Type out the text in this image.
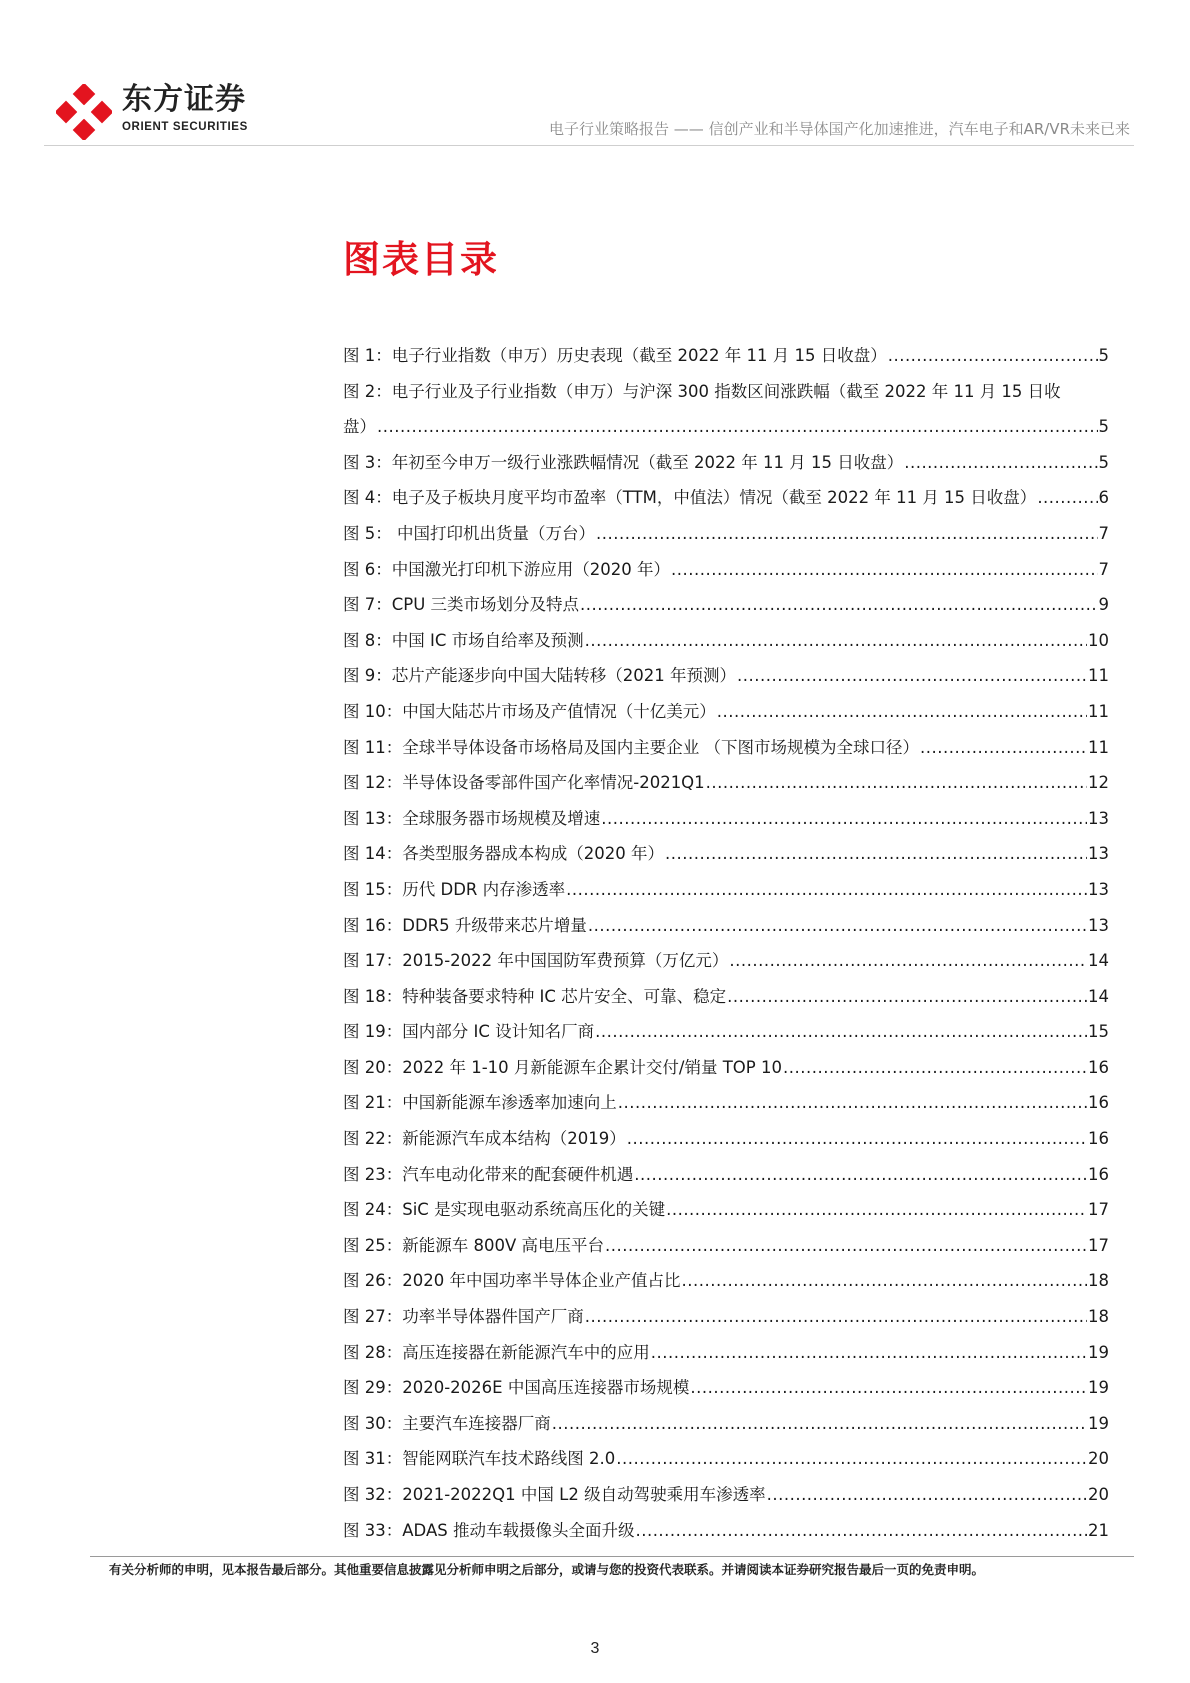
东方证券
ORIENT SECURITIES	电子行业策略报告 —— 信创产业和半导体国产化加速推进，汽车电子和AR/VR未来已来
图表目录
图 1：电子行业指数（申万）历史表现（截至 2022 年 11 月 15 日收盘） .....	5
图 2：电子行业及子行业指数（申万）与沪深 300 指数区间涨跌幅（截至 2022 年 11 月 15 日收
盘） .....	5
图 3：年初至今申万一级行业涨跌幅情况（截至 2022 年 11 月 15 日收盘） .....	5
图 4：电子及子板块月度平均市盈率（TTM，中值法）情况（截至 2022 年 11 月 15 日收盘） .....	6
图 5： 中国打印机出货量（万台） .....	7
图 6：中国激光打印机下游应用（2020 年） .....	7
图 7：CPU 三类市场划分及特点 .....	9
图 8：中国 IC 市场自给率及预测 .....	10
图 9：芯片产能逐步向中国大陆转移（2021 年预测） .....	11
图 10：中国大陆芯片市场及产值情况（十亿美元） .....	11
图 11：全球半导体设备市场格局及国内主要企业 （下图市场规模为全球口径） .....	11
图 12：半导体设备零部件国产化率情况-2021Q1 .....	12
图 13：全球服务器市场规模及增速 .....	13
图 14：各类型服务器成本构成（2020 年） .....	13
图 15：历代 DDR 内存渗透率 .....	13
图 16：DDR5 升级带来芯片增量 .....	13
图 17：2015-2022 年中国国防军费预算（万亿元） .....	14
图 18：特种装备要求特种 IC 芯片安全、可靠、稳定 .....	14
图 19：国内部分 IC 设计知名厂商 .....	15
图 20：2022 年 1-10 月新能源车企累计交付/销量 TOP 10 .....	16
图 21：中国新能源车渗透率加速向上 .....	16
图 22：新能源汽车成本结构（2019） .....	16
图 23：汽车电动化带来的配套硬件机遇 .....	16
图 24：SiC 是实现电驱动系统高压化的关键 .....	17
图 25：新能源车 800V 高电压平台 .....	17
图 26：2020 年中国功率半导体企业产值占比 .....	18
图 27：功率半导体器件国产厂商 .....	18
图 28：高压连接器在新能源汽车中的应用 .....	19
图 29：2020-2026E 中国高压连接器市场规模 .....	19
图 30：主要汽车连接器厂商 .....	19
图 31：智能网联汽车技术路线图 2.0 .....	20
图 32：2021-2022Q1 中国 L2 级自动驾驶乘用车渗透率 .....	20
图 33：ADAS 推动车载摄像头全面升级 .....	21
有关分析师的申明，见本报告最后部分。其他重要信息披露见分析师申明之后部分，或请与您的投资代表联系。并请阅读本证券研究报告最后一页的免责申明。
3
